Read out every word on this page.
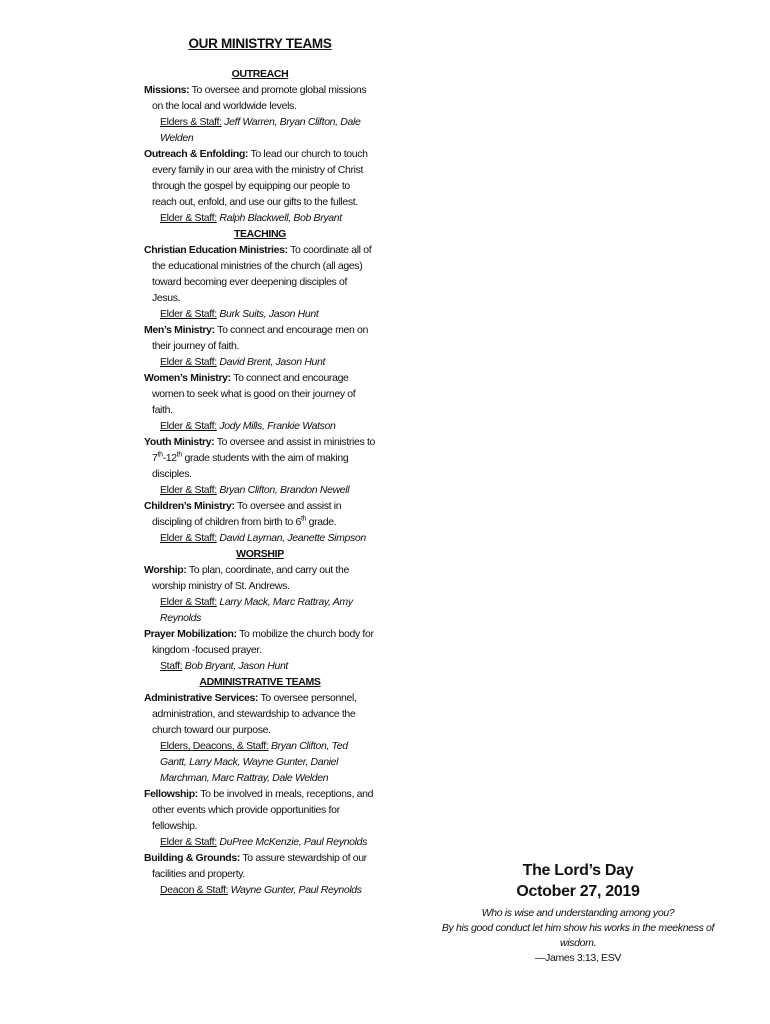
OUR MINISTRY TEAMS
OUTREACH
Missions: To oversee and promote global missions on the local and worldwide levels.
Elders & Staff: Jeff Warren, Bryan Clifton, Dale Welden
Outreach & Enfolding: To lead our church to touch every family in our area with the ministry of Christ through the gospel by equipping our people to reach out, enfold, and use our gifts to the fullest.
Elder & Staff: Ralph Blackwell, Bob Bryant
TEACHING
Christian Education Ministries: To coordinate all of the educational ministries of the church (all ages) toward becoming ever deepening disciples of Jesus.
Elder & Staff: Burk Suits, Jason Hunt
Men’s Ministry: To connect and encourage men on their journey of faith.
Elder & Staff: David Brent, Jason Hunt
Women’s Ministry: To connect and encourage women to seek what is good on their journey of faith.
Elder & Staff: Jody Mills, Frankie Watson
Youth Ministry: To oversee and assist in ministries to 7th-12th grade students with the aim of making disciples.
Elder & Staff: Bryan Clifton, Brandon Newell
Children’s Ministry: To oversee and assist in discipling of children from birth to 6th grade.
Elder & Staff: David Layman, Jeanette Simpson
WORSHIP
Worship: To plan, coordinate, and carry out the worship ministry of St. Andrews.
Elder & Staff: Larry Mack, Marc Rattray, Amy Reynolds
Prayer Mobilization: To mobilize the church body for kingdom -focused prayer.
Staff: Bob Bryant, Jason Hunt
ADMINISTRATIVE TEAMS
Administrative Services: To oversee personnel, administration, and stewardship to advance the church toward our purpose.
Elders, Deacons, & Staff: Bryan Clifton, Ted Gantt, Larry Mack, Wayne Gunter, Daniel Marchman, Marc Rattray, Dale Welden
Fellowship: To be involved in meals, receptions, and other events which provide opportunities for fellowship.
Elder & Staff: DuPree McKenzie, Paul Reynolds
Building & Grounds: To assure stewardship of our facilities and property.
Deacon & Staff: Wayne Gunter, Paul Reynolds
The Lord’s Day
October 27, 2019
Who is wise and understanding among you?
By his good conduct let him show his works in the meekness of wisdom.
—James 3:13, ESV
